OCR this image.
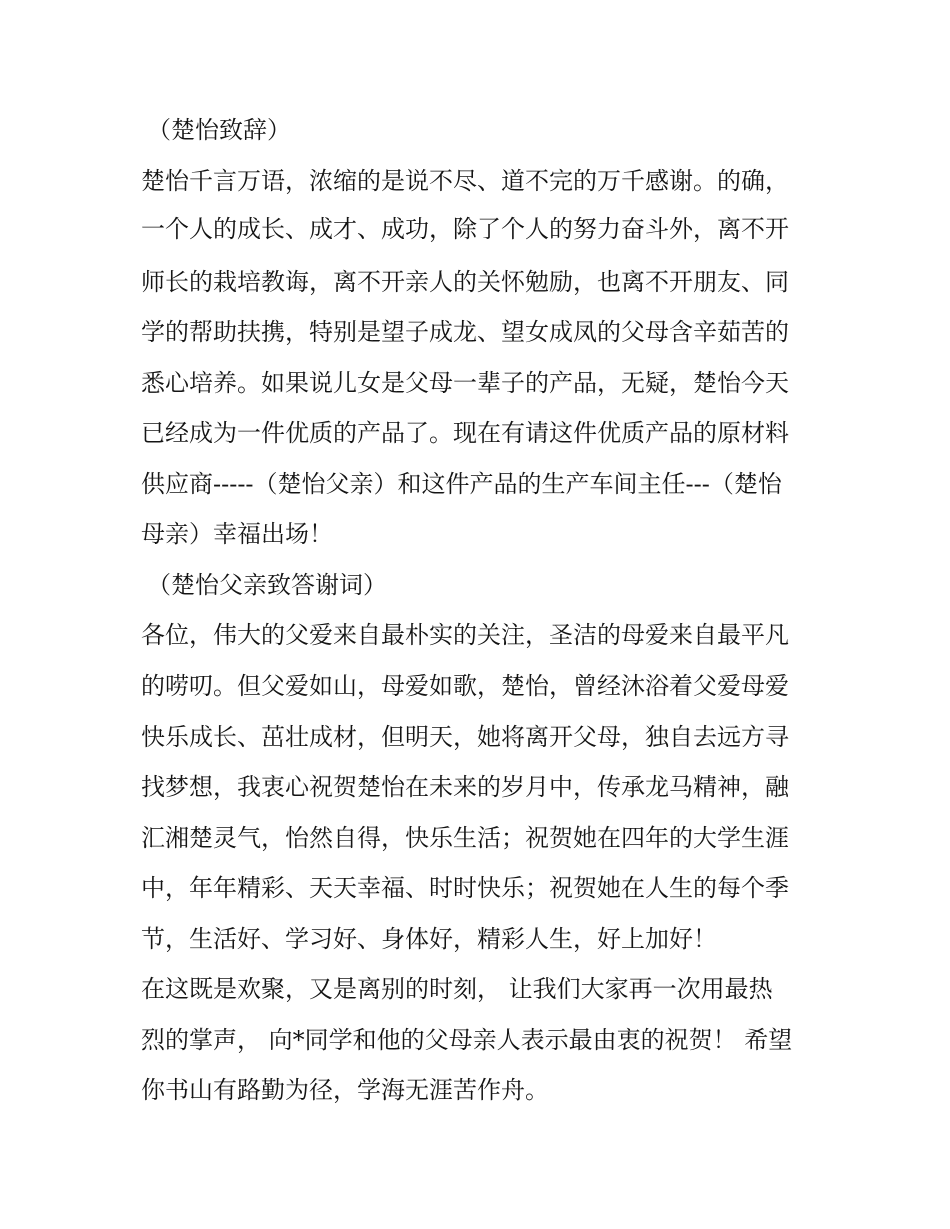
（楚怡致辞）
楚怡千言万语，浓缩的是说不尽、道不完的万千感谢。的确，
一个人的成长、成才、成功，除了个人的努力奋斗外，离不开
师长的栽培教诲，离不开亲人的关怀勉励，也离不开朋友、同
学的帮助扶携，特别是望子成龙、望女成凤的父母含辛茹苦的
悉心培养。如果说儿女是父母一辈子的产品，无疑，楚怡今天
已经成为一件优质的产品了。现在有请这件优质产品的原材料
供应商-----（楚怡父亲）和这件产品的生产车间主任---（楚怡
母亲）幸福出场！
（楚怡父亲致答谢词）
各位，伟大的父爱来自最朴实的关注，圣洁的母爱来自最平凡
的唠叨。但父爱如山，母爱如歌，楚怡，曾经沐浴着父爱母爱
快乐成长、茁壮成材，但明天，她将离开父母，独自去远方寻
找梦想，我衷心祝贺楚怡在未来的岁月中，传承龙马精神，融
汇湘楚灵气，怡然自得，快乐生活；祝贺她在四年的大学生涯
中，年年精彩、天天幸福、时时快乐；祝贺她在人生的每个季
节，生活好、学习好、身体好，精彩人生，好上加好！
在这既是欢聚，又是离别的时刻， 让我们大家再一次用最热
烈的掌声， 向*同学和他的父母亲人表示最由衷的祝贺！ 希望
你书山有路勤为径，学海无涯苦作舟。
